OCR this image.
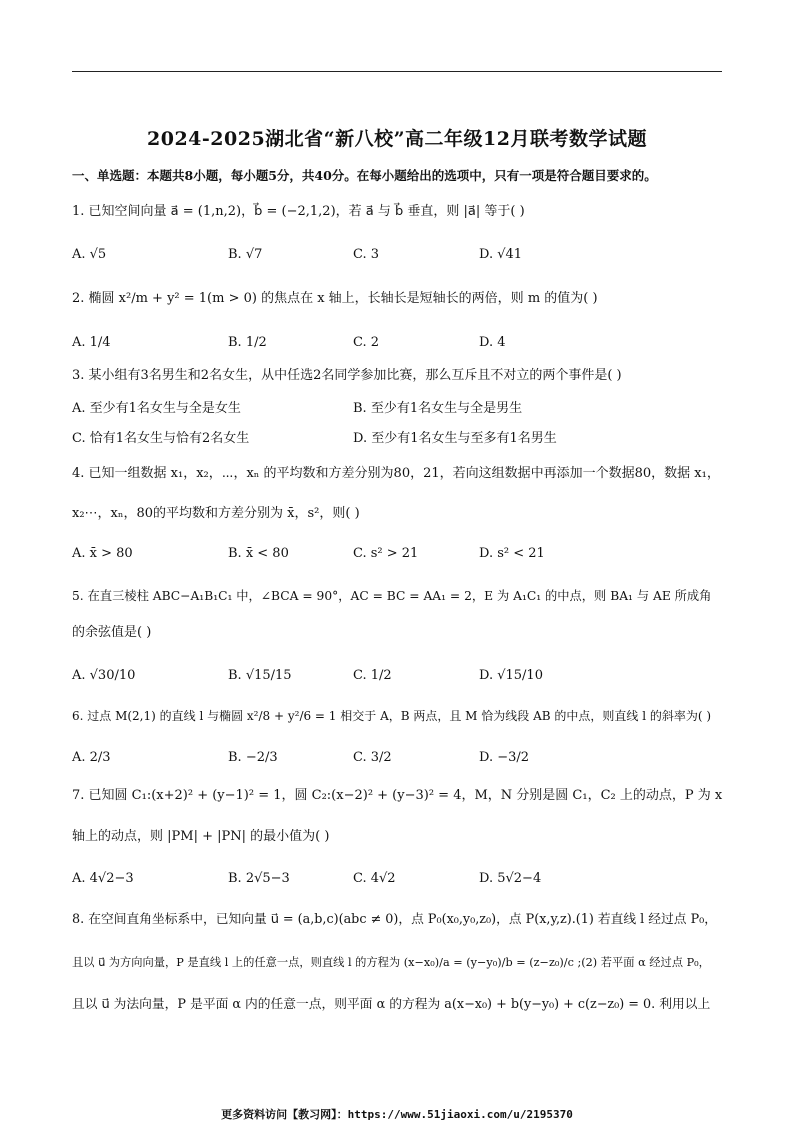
2024-2025湖北省“新八校”高二年级12月联考数学试题
一、单选题：本题共8小题，每小题5分，共40分。在每小题给出的选项中，只有一项是符合题目要求的。
1. 已知空间向量 a⃗ = (1,n,2)，b⃗ = (−2,1,2)，若 a⃗ 与 b⃗ 垂直，则 |a⃗| 等于( )
A. √5	B. √7	C. 3	D. √41
2. 椭圆 x²/m + y² = 1(m > 0) 的焦点在 x 轴上，长轴长是短轴长的两倍，则 m 的值为( )
A. 1/4	B. 1/2	C. 2	D. 4
3. 某小组有3名男生和2名女生，从中任选2名同学参加比赛，那么互斥且不对立的两个事件是( )
A. 至少有1名女生与全是女生	B. 至少有1名女生与全是男生
C. 恰有1名女生与恰有2名女生	D. 至少有1名女生与至多有1名男生
4. 已知一组数据 x₁，x₂，⋯，xₙ 的平均数和方差分别为80，21，若向这组数据中再添加一个数据80，数据 x₁，
x₂⋯，xₙ，80的平均数和方差分别为 x̄，s²，则( )
A. x̄ > 80	B. x̄ < 80	C. s² > 21	D. s² < 21
5. 在直三棱柱 ABC−A₁B₁C₁ 中，∠BCA = 90°，AC = BC = AA₁ = 2，E 为 A₁C₁ 的中点，则 BA₁ 与 AE 所成角
的余弦值是( )
A. √30/10	B. √15/15	C. 1/2	D. √15/10
6. 过点 M(2,1) 的直线 l 与椭圆 x²/8 + y²/6 = 1 相交于 A，B 两点，且 M 恰为线段 AB 的中点，则直线 l 的斜率为( )
A. 2/3	B. −2/3	C. 3/2	D. −3/2
7. 已知圆 C₁:(x+2)² + (y−1)² = 1，圆 C₂:(x−2)² + (y−3)² = 4，M，N 分别是圆 C₁，C₂ 上的动点，P 为 x
轴上的动点，则 |PM| + |PN| 的最小值为( )
A. 4√2−3	B. 2√5−3	C. 4√2	D. 5√2−4
8. 在空间直角坐标系中，已知向量 u⃗ = (a,b,c)(abc ≠ 0)，点 P₀(x₀,y₀,z₀)，点 P(x,y,z).(1) 若直线 l 经过点 P₀，
且以 u⃗ 为方向向量，P 是直线 l 上的任意一点，则直线 l 的方程为 (x−x₀)/a = (y−y₀)/b = (z−z₀)/c ;(2) 若平面 α 经过点 P₀，
且以 u⃗ 为法向量，P 是平面 α 内的任意一点，则平面 α 的方程为 a(x−x₀) + b(y−y₀) + c(z−z₀) = 0. 利用以上
更多资料访问【教习网】：https://www.51jiaoxi.com/u/2195370
